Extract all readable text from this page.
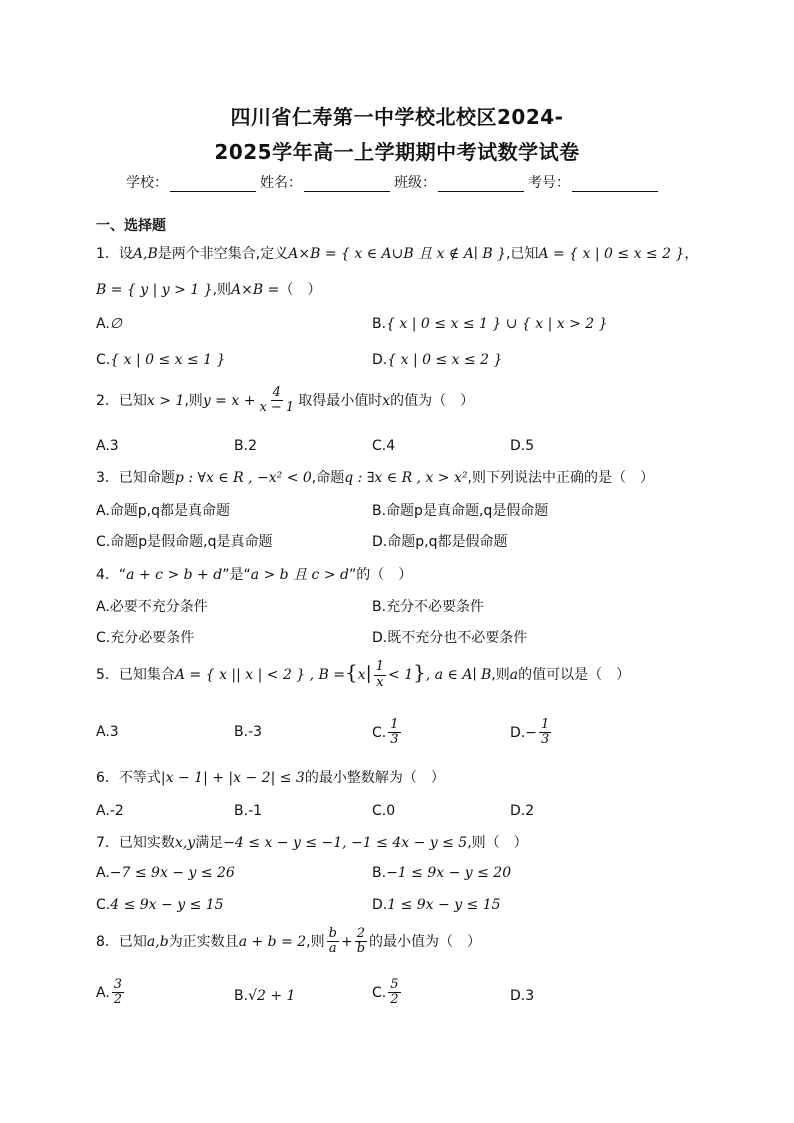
四川省仁寿第一中学校北校区2024-
2025学年高一上学期期中考试数学试卷
学校：	姓名：	班级：	考号：
一、选择题
1．设A,B是两个非空集合,定义A×B = { x ∈ A∪B 且 x ∉ A∣ B },已知A = { x | 0 ≤ x ≤ 2 }，
B = { y | y > 1 },则A×B =（　）
A.∅	B.{ x | 0 ≤ x ≤ 1 } ∪ { x | x > 2 }
C.{ x | 0 ≤ x ≤ 1 }	D.{ x | 0 ≤ x ≤ 2 }
2．已知x > 1,则$y = x + \frac{4}{x - 1}$ 取得最小值时x的值为（　）
A.3	B.2	C.4	D.5
3．已知命题p : ∀x ∈ R , −x² < 0,命题q : ∃x ∈ R , x > x²,则下列说法中正确的是（　）
A.命题p,q都是真命题	B.命题p是真命题,q是假命题
C.命题p是假命题,q是真命题	D.命题p,q都是假命题
4．“a + c > b + d”是“a > b 且 c > d”的（　）
A.必要不充分条件	B.充分不必要条件
C.充分必要条件	D.既不充分也不必要条件
5．已知集合A = { x || x | < 2 } , $B =\{x| \frac{1}{x} < 1\}$, a ∈ A∣ B,则a的值可以是（　）
A.3	B.-3	C. $\frac{1}{3}$	$D.- \frac{1}{3}$
6．不等式|x − 1| + |x − 2| ≤ 3的最小整数解为（　）
A.-2	B.-1	C.0	D.2
7．已知实数x,y满足−4 ≤ x − y ≤ −1, −1 ≤ 4x − y ≤ 5,则（　）
A.−7 ≤ 9x − y ≤ 26	B.−1 ≤ 9x − y ≤ 20
C.4 ≤ 9x − y ≤ 15	D.1 ≤ 9x − y ≤ 15
8．已知a,b为正实数且a + b = 2,则 $\frac{b}{a} + \frac{2}{b}$ 的最小值为（　）
A. $\frac{3}{2}$	B.√2 + 1	C. $\frac{5}{2}$	D.3
